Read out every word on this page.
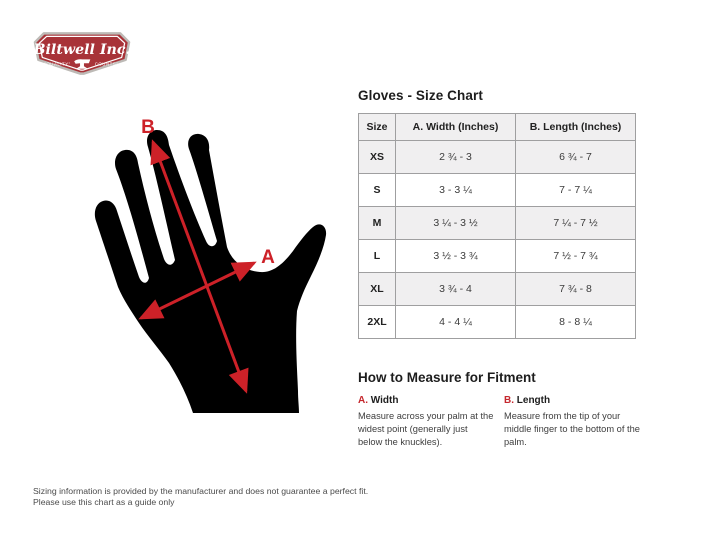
Biltwell Inc.
"QUALITY"	COUNTS"
B
A
Gloves - Size Chart
Size	A. Width (Inches)	B. Length (Inches)
XS	2 ¾ - 3	6 ¾ - 7
S	3 - 3 ¼	7 - 7 ¼
M	3 ¼ - 3 ½	7 ¼ - 7 ½
L	3 ½ - 3 ¾	7 ½ - 7 ¾
XL	3 ¾ - 4	7 ¾ - 8
2XL	4 - 4 ¼	8 - 8 ¼
How to Measure for Fitment
A. Width
Measure across your palm at the widest point (generally just below the knuckles).
B. Length
Measure from the tip of your middle finger to the bottom of the palm.
Sizing information is provided by the manufacturer and does not guarantee a perfect fit.
Please use this chart as a guide only
